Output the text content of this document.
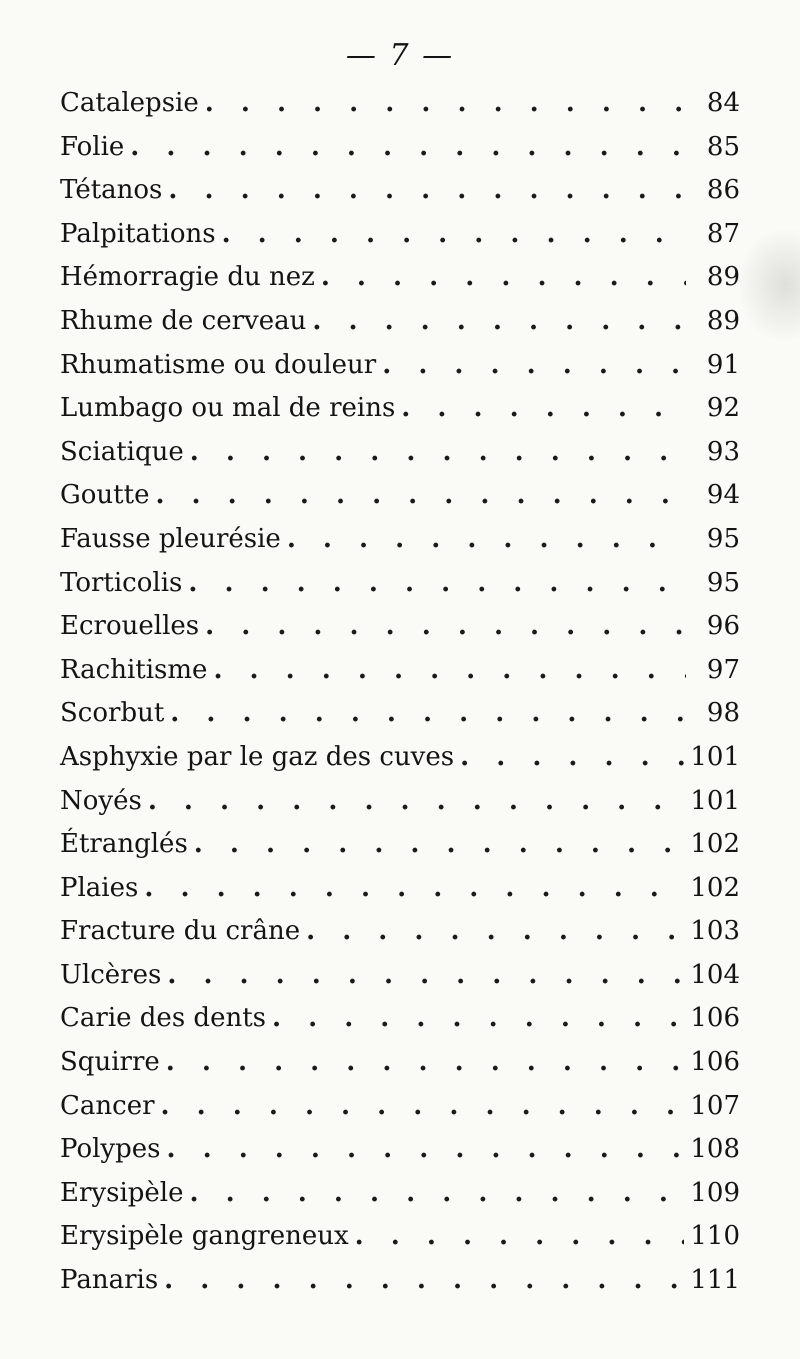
— 7 —
Catalepsie . . .	84
Folie . . .	85
Tétanos . . .	86
Palpitations . . .	87
Hémorragie du nez . . .	89
Rhume de cerveau . . .	89
Rhumatisme ou douleur . . .	91
Lumbago ou mal de reins . . .	92
Sciatique . . .	93
Goutte . . .	94
Fausse pleurésie . . .	95
Torticolis . . .	95
Ecrouelles . . .	96
Rachitisme . . .	97
Scorbut . . .	98
Asphyxie par le gaz des cuves . . .	101
Noyés . . .	101
Étranglés . . .	102
Plaies . . .	102
Fracture du crâne . . .	103
Ulcères . . .	104
Carie des dents . . .	106
Squirre . . .	106
Cancer . . .	107
Polypes . . .	108
Erysipèle . . .	109
Erysipèle gangreneux . . .	110
Panaris . . .	111
